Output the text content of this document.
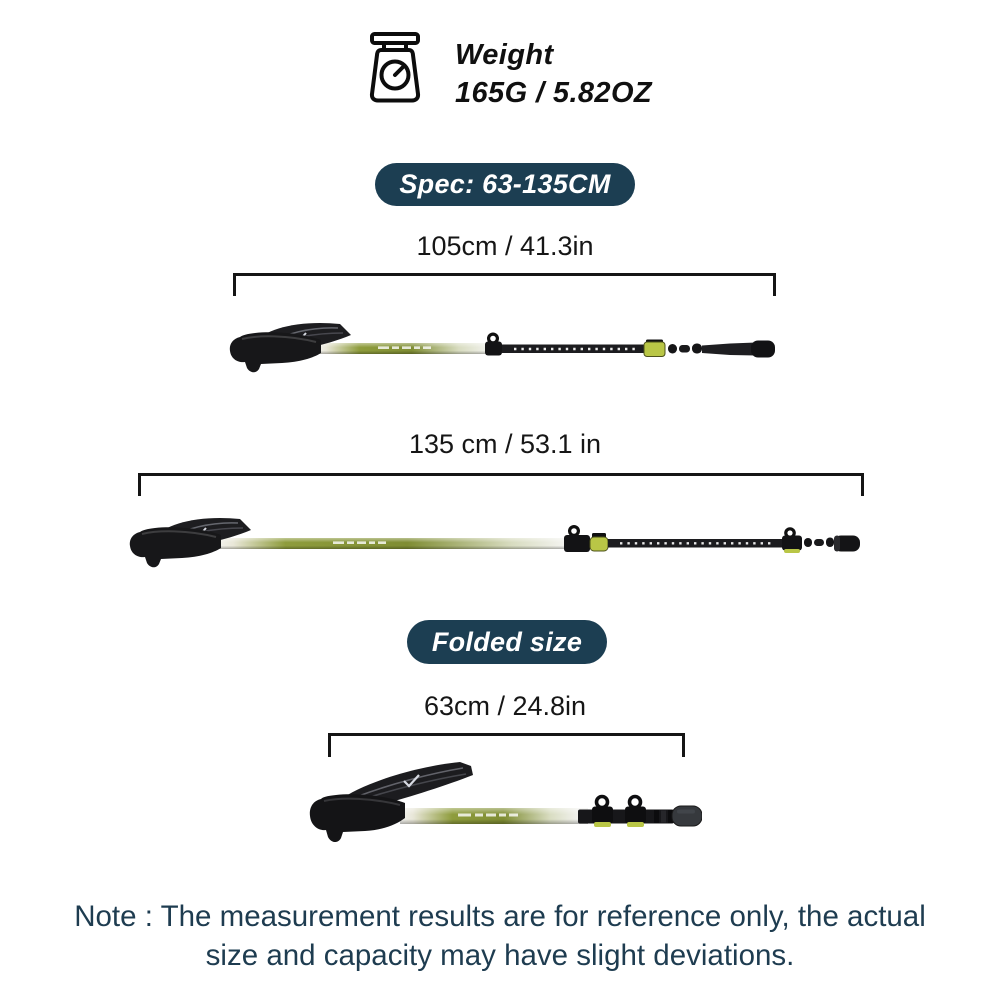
Weight
165G / 5.82OZ
Spec: 63-135CM
105cm / 41.3in
135 cm / 53.1 in
Folded size
63cm / 24.8in
Note : The measurement results are for reference only, the actual
size and capacity may have slight deviations.
